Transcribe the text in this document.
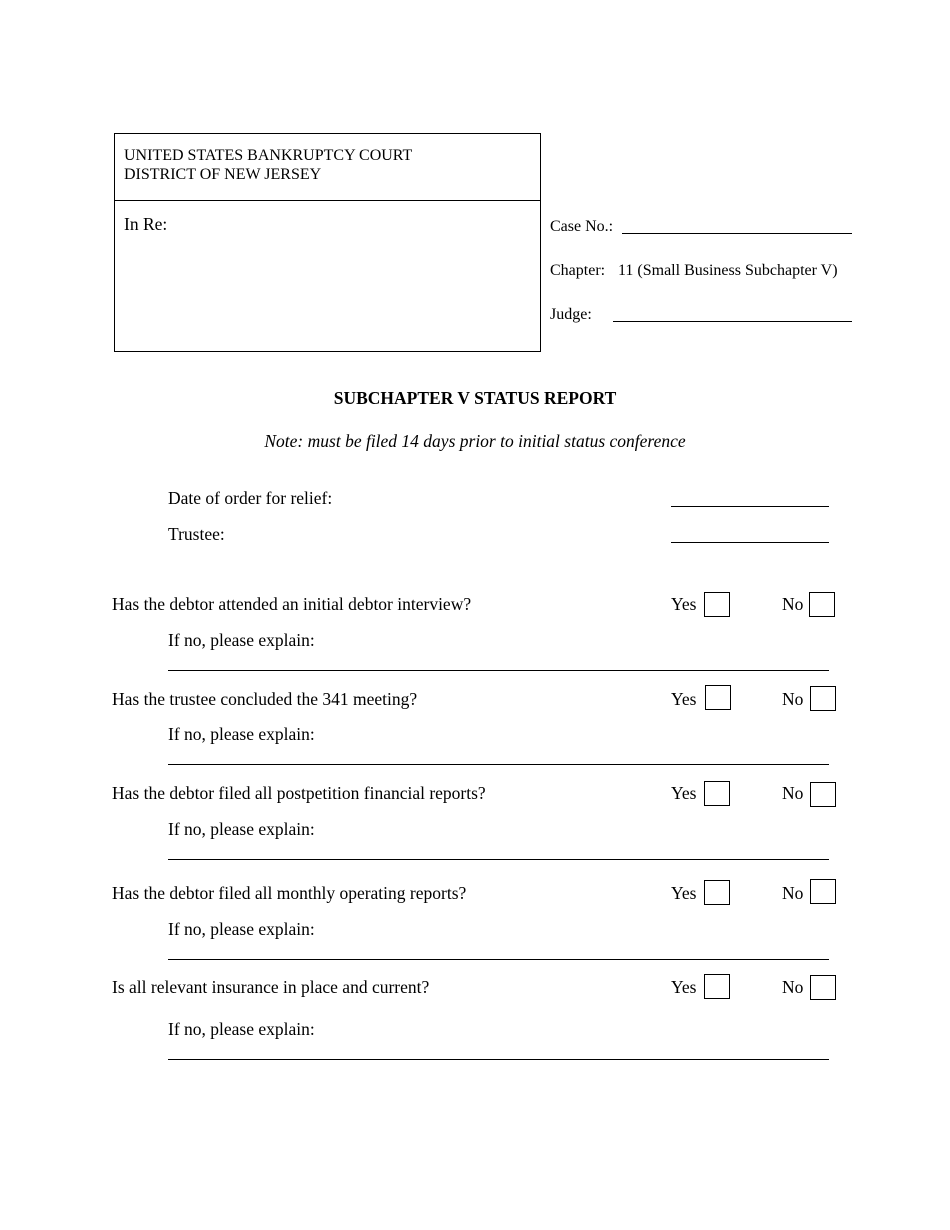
UNITED STATES BANKRUPTCY COURT
DISTRICT OF NEW JERSEY
In Re:	Case No.:
Chapter: 11 (Small Business Subchapter V)
Judge:
SUBCHAPTER V STATUS REPORT
Note: must be filed 14 days prior to initial status conference
Date of order for relief:
Trustee:
Has the debtor attended an initial debtor interview?	Yes	No
If no, please explain:
Has the trustee concluded the 341 meeting?	Yes	No
If no, please explain:
Has the debtor filed all postpetition financial reports?	Yes	No
If no, please explain:
Has the debtor filed all monthly operating reports?	Yes	No
If no, please explain:
Is all relevant insurance in place and current?	Yes	No
If no, please explain:
